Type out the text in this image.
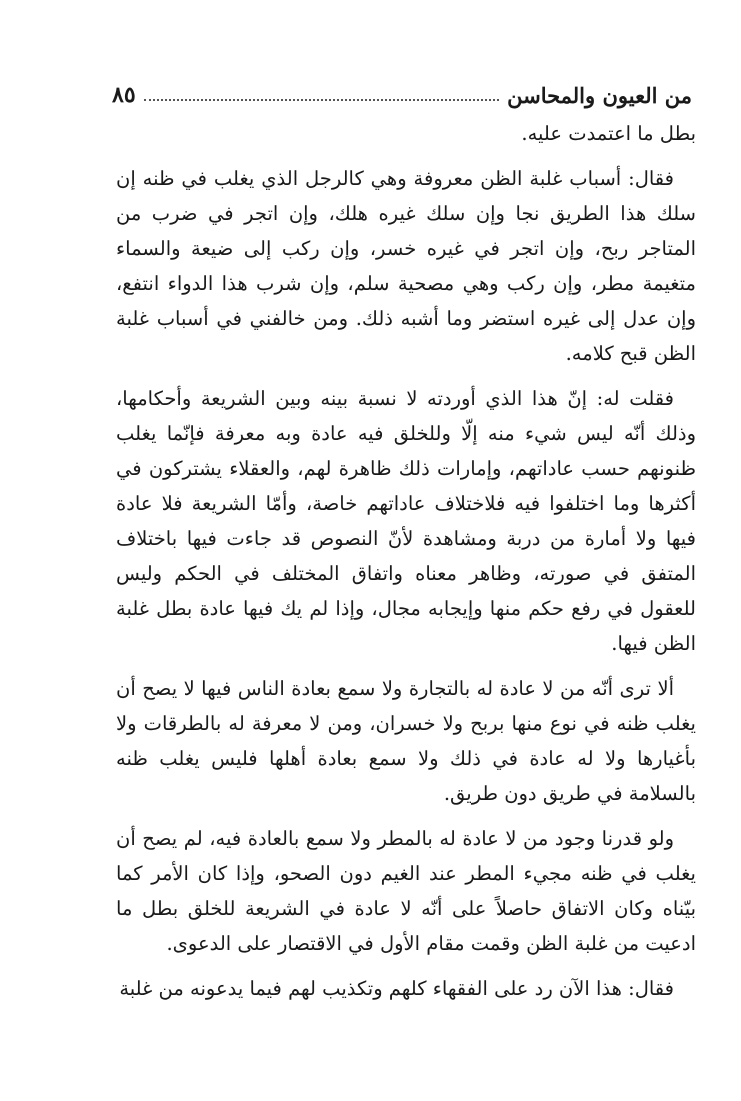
من العيون والمحاسن
٨٥

بطل ما اعتمدت عليه.

فقال: أسباب غلبة الظن معروفة وهي كالرجل الذي يغلب في ظنه إن سلك هذا الطريق نجا وإن سلك غيره هلك، وإن اتجر في ضرب من المتاجر ربح، وإن اتجر في غيره خسر، وإن ركب إلى ضيعة والسماء متغيمة مطر، وإن ركب وهي مصحية سلم، وإن شرب هذا الدواء انتفع، وإن عدل إلى غيره استضر وما أشبه ذلك. ومن خالفني في أسباب غلبة الظن قبح كلامه.

فقلت له: إنّ هذا الذي أوردته لا نسبة بينه وبين الشريعة وأحكامها، وذلك أنّه ليس شيء منه إلّا وللخلق فيه عادة وبه معرفة فإنّما يغلب ظنونهم حسب عاداتهم، وإمارات ذلك ظاهرة لهم، والعقلاء يشتركون في أكثرها وما اختلفوا فيه فلاختلاف عاداتهم خاصة، وأمّا الشريعة فلا عادة فيها ولا أمارة من دربة ومشاهدة لأنّ النصوص قد جاءت فيها باختلاف المتفق في صورته، وظاهر معناه واتفاق المختلف في الحكم وليس للعقول في رفع حكم منها وإيجابه مجال، وإذا لم يك فيها عادة بطل غلبة الظن فيها.

ألا ترى أنّه من لا عادة له بالتجارة ولا سمع بعادة الناس فيها لا يصح أن يغلب ظنه في نوع منها بربح ولا خسران، ومن لا معرفة له بالطرقات ولا بأغيارها ولا له عادة في ذلك ولا سمع بعادة أهلها فليس يغلب ظنه بالسلامة في طريق دون طريق.

ولو قدرنا وجود من لا عادة له بالمطر ولا سمع بالعادة فيه، لم يصح أن يغلب في ظنه مجيء المطر عند الغيم دون الصحو، وإذا كان الأمر كما بيّناه وكان الاتفاق حاصلاً على أنّه لا عادة في الشريعة للخلق بطل ما ادعيت من غلبة الظن وقمت مقام الأول في الاقتصار على الدعوى.

فقال: هذا الآن رد على الفقهاء كلهم وتكذيب لهم فيما يدعونه من غلبة
